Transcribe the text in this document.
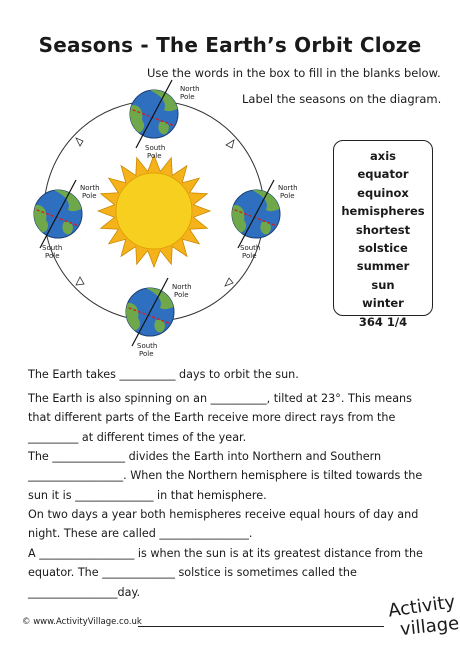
Seasons - The Earth’s Orbit Cloze
Use the words in the box to fill in the blanks below.
Label the seasons on the diagram.
North Pole
South Pole
North Pole
South Pole
North Pole
South Pole
North Pole
South Pole
axis
equator
equinox
hemispheres
shortest
solstice
summer
sun
winter
364 1/4
The Earth takes __________ days to orbit the sun.
The Earth is also spinning on an __________, tilted at 23°. This means that different parts of the Earth receive more direct rays from the _________ at different times of the year.
The _____________ divides the Earth into Northern and Southern _________________. When the Northern hemisphere is tilted towards the sun it is ______________ in that hemisphere.
On two days a year both hemispheres receive equal hours of day and night. These are called ________________.
A _________________ is when the sun is at its greatest distance from the equator. The _____________ solstice is sometimes called the ________________day.
© www.ActivityVillage.co.uk
Activity
village
